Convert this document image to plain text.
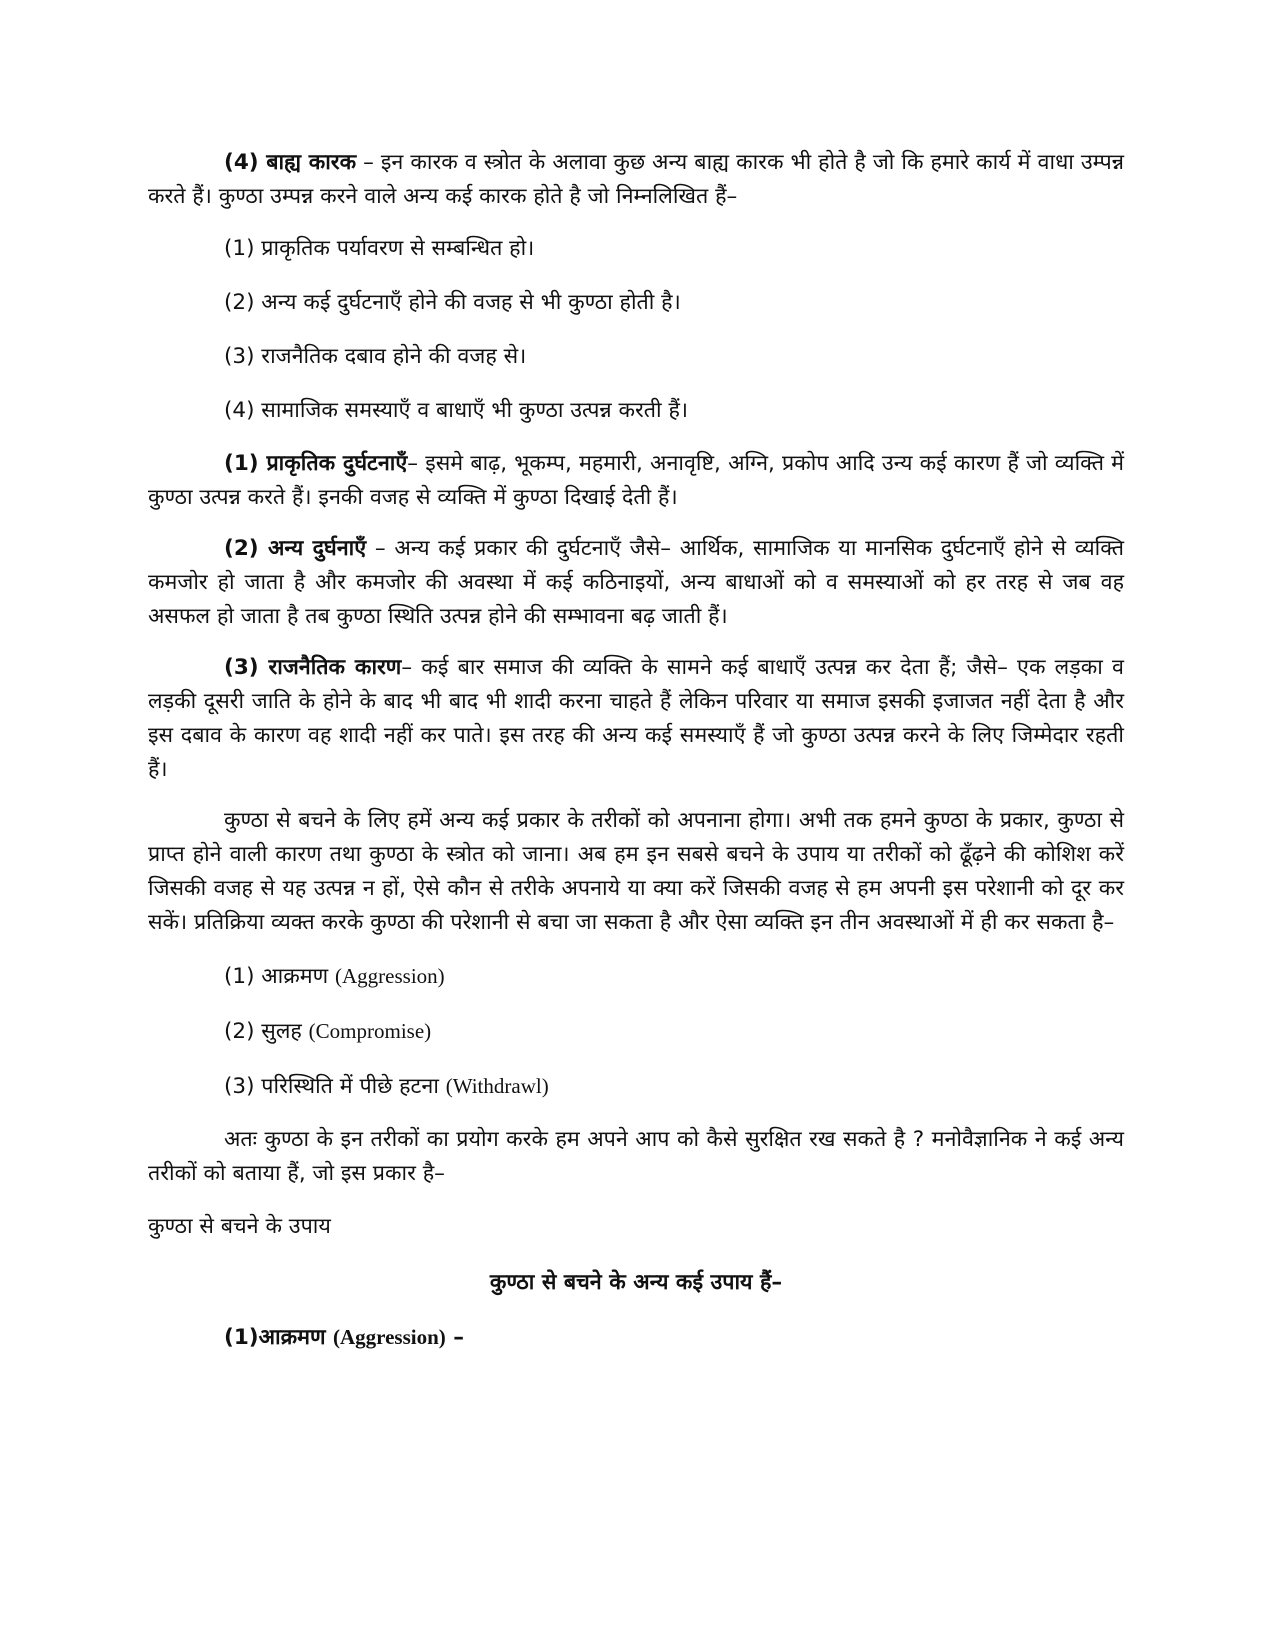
(4) बाह्य कारक – इन कारक व स्त्रोत के अलावा कुछ अन्य बाह्य कारक भी होते है जो कि हमारे कार्य में वाधा उम्पन्न करते हैं। कुण्ठा उम्पन्न करने वाले अन्य कई कारक होते है जो निम्नलिखित हैं–

(1) प्राकृतिक पर्यावरण से सम्बन्धित हो।

(2) अन्य कई दुर्घटनाएँ होने की वजह से भी कुण्ठा होती है।

(3) राजनैतिक दबाव होने की वजह से।

(4) सामाजिक समस्याएँ व बाधाएँ भी कुण्ठा उत्पन्न करती हैं।

(1) प्राकृतिक दुर्घटनाएँ– इसमे बाढ़, भूकम्प, महमारी, अनावृष्टि, अग्नि, प्रकोप आदि उन्य कई कारण हैं जो व्यक्ति में कुण्ठा उत्पन्न करते हैं। इनकी वजह से व्यक्ति में कुण्ठा दिखाई देती हैं।

(2) अन्य दुर्घनाएँ – अन्य कई प्रकार की दुर्घटनाएँ जैसे– आर्थिक, सामाजिक या मानसिक दुर्घटनाएँ होने से व्यक्ति कमजोर हो जाता है और कमजोर की अवस्था में कई कठिनाइयों, अन्य बाधाओं को व समस्याओं को हर तरह से जब वह असफल हो जाता है तब कुण्ठा स्थिति उत्पन्न होने की सम्भावना बढ़ जाती हैं।

(3) राजनैतिक कारण– कई बार समाज की व्यक्ति के सामने कई बाधाएँ उत्पन्न कर देता हैं; जैसे– एक लड़का व लड़की दूसरी जाति के होने के बाद भी बाद भी शादी करना चाहते हैं लेकिन परिवार या समाज इसकी इजाजत नहीं देता है और इस दबाव के कारण वह शादी नहीं कर पाते। इस तरह की अन्य कई समस्याएँ हैं जो कुण्ठा उत्पन्न करने के लिए जिम्मेदार रहती हैं।

कुण्ठा से बचने के लिए हमें अन्य कई प्रकार के तरीकों को अपनाना होगा। अभी तक हमने कुण्ठा के प्रकार, कुण्ठा से प्राप्त होने वाली कारण तथा कुण्ठा के स्त्रोत को जाना। अब हम इन सबसे बचने के उपाय या तरीकों को ढूँढ़ने की कोशिश करें जिसकी वजह से यह उत्पन्न न हों, ऐसे कौन से तरीके अपनाये या क्या करें जिसकी वजह से हम अपनी इस परेशानी को दूर कर सकें। प्रतिक्रिया व्यक्त करके कुण्ठा की परेशानी से बचा जा सकता है और ऐसा व्यक्ति इन तीन अवस्थाओं में ही कर सकता है–

(1) आक्रमण (Aggression)

(2) सुलह (Compromise)

(3) परिस्थिति में पीछे हटना (Withdrawl)

अतः कुण्ठा के इन तरीकों का प्रयोग करके हम अपने आप को कैसे सुरक्षित रख सकते है ? मनोवैज्ञानिक ने कई अन्य तरीकों को बताया हैं, जो इस प्रकार है–

कुण्ठा से बचने के उपाय

कुण्ठा से बचने के अन्य कई उपाय हैं–

(1)आक्रमण (Aggression) –
